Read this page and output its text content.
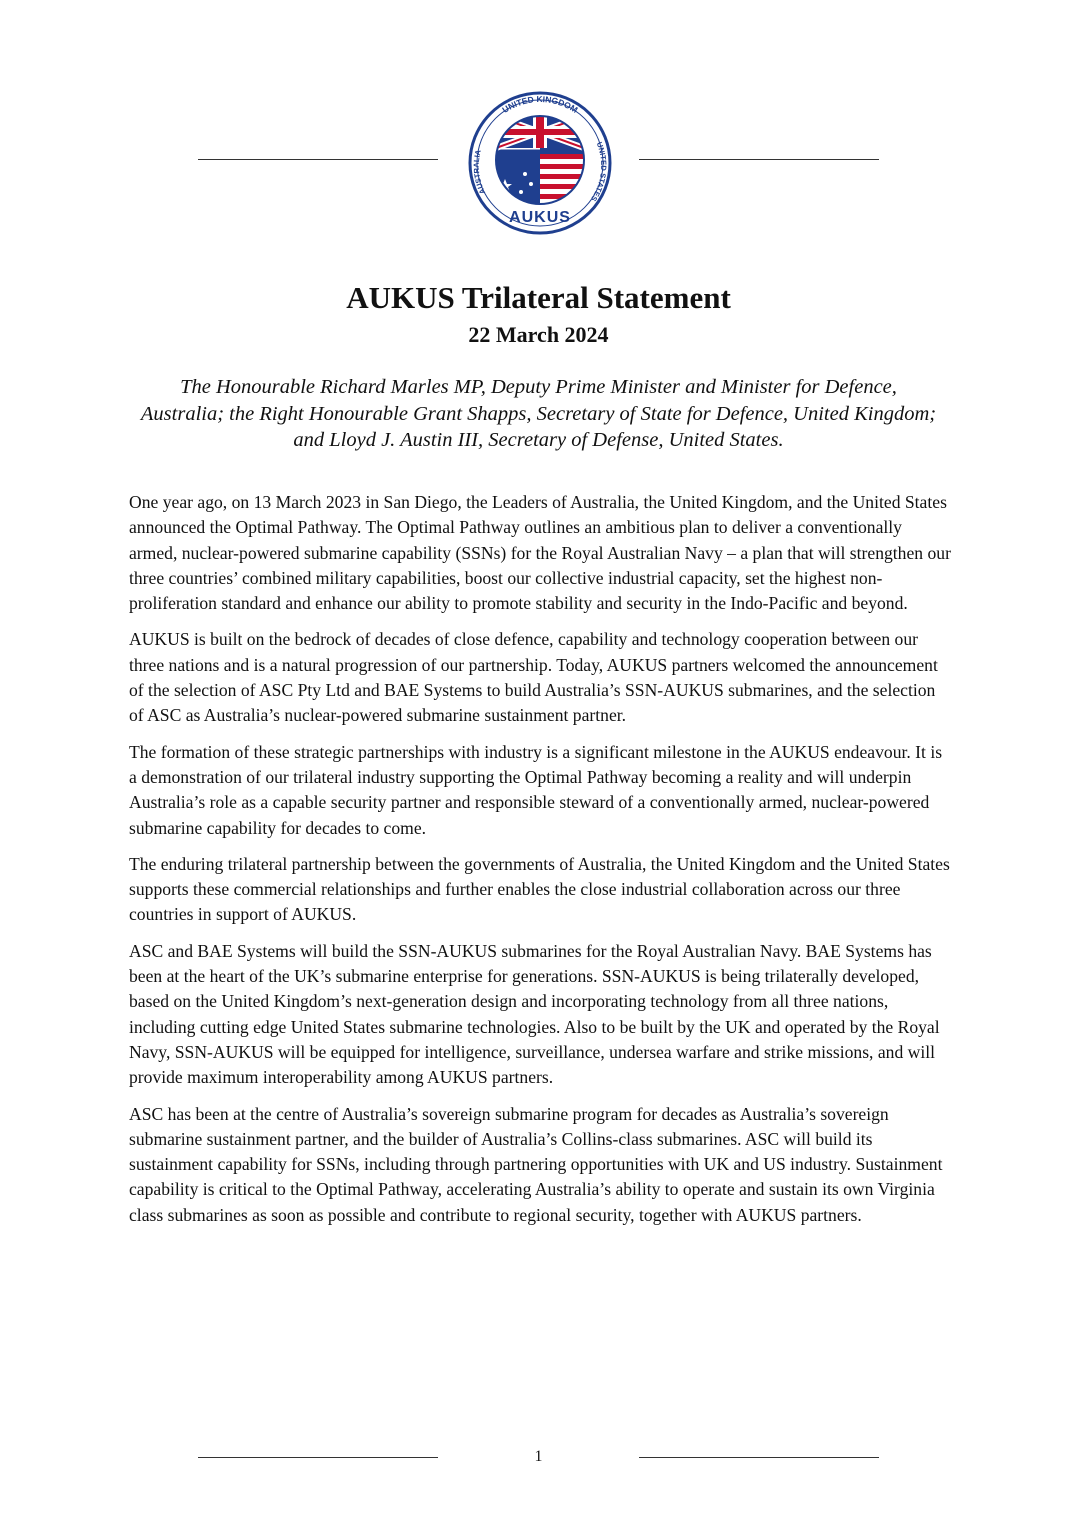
UNITED KINGDOM
AUSTRALIA
UNITED STATES
AUKUS
AUKUS Trilateral Statement
22 March 2024
The Honourable Richard Marles MP, Deputy Prime Minister and Minister for Defence, Australia; the Right Honourable Grant Shapps, Secretary of State for Defence, United Kingdom; and Lloyd J. Austin III, Secretary of Defense, United States.

One year ago, on 13 March 2023 in San Diego, the Leaders of Australia, the United Kingdom, and the United States announced the Optimal Pathway. The Optimal Pathway outlines an ambitious plan to deliver a conventionally armed, nuclear-powered submarine capability (SSNs) for the Royal Australian Navy – a plan that will strengthen our three countries’ combined military capabilities, boost our collective industrial capacity, set the highest non-proliferation standard and enhance our ability to promote stability and security in the Indo-Pacific and beyond.

AUKUS is built on the bedrock of decades of close defence, capability and technology cooperation between our three nations and is a natural progression of our partnership. Today, AUKUS partners welcomed the announcement of the selection of ASC Pty Ltd and BAE Systems to build Australia’s SSN-AUKUS submarines, and the selection of ASC as Australia’s nuclear-powered submarine sustainment partner.

The formation of these strategic partnerships with industry is a significant milestone in the AUKUS endeavour. It is a demonstration of our trilateral industry supporting the Optimal Pathway becoming a reality and will underpin Australia’s role as a capable security partner and responsible steward of a conventionally armed, nuclear-powered submarine capability for decades to come.

The enduring trilateral partnership between the governments of Australia, the United Kingdom and the United States supports these commercial relationships and further enables the close industrial collaboration across our three countries in support of AUKUS.

ASC and BAE Systems will build the SSN-AUKUS submarines for the Royal Australian Navy. BAE Systems has been at the heart of the UK’s submarine enterprise for generations. SSN-AUKUS is being trilaterally developed, based on the United Kingdom’s next-generation design and incorporating technology from all three nations, including cutting edge United States submarine technologies. Also to be built by the UK and operated by the Royal Navy, SSN-AUKUS will be equipped for intelligence, surveillance, undersea warfare and strike missions, and will provide maximum interoperability among AUKUS partners.

ASC has been at the centre of Australia’s sovereign submarine program for decades as Australia’s sovereign submarine sustainment partner, and the builder of Australia’s Collins-class submarines. ASC will build its sustainment capability for SSNs, including through partnering opportunities with UK and US industry. Sustainment capability is critical to the Optimal Pathway, accelerating Australia’s ability to operate and sustain its own Virginia class submarines as soon as possible and contribute to regional security, together with AUKUS partners.

1
